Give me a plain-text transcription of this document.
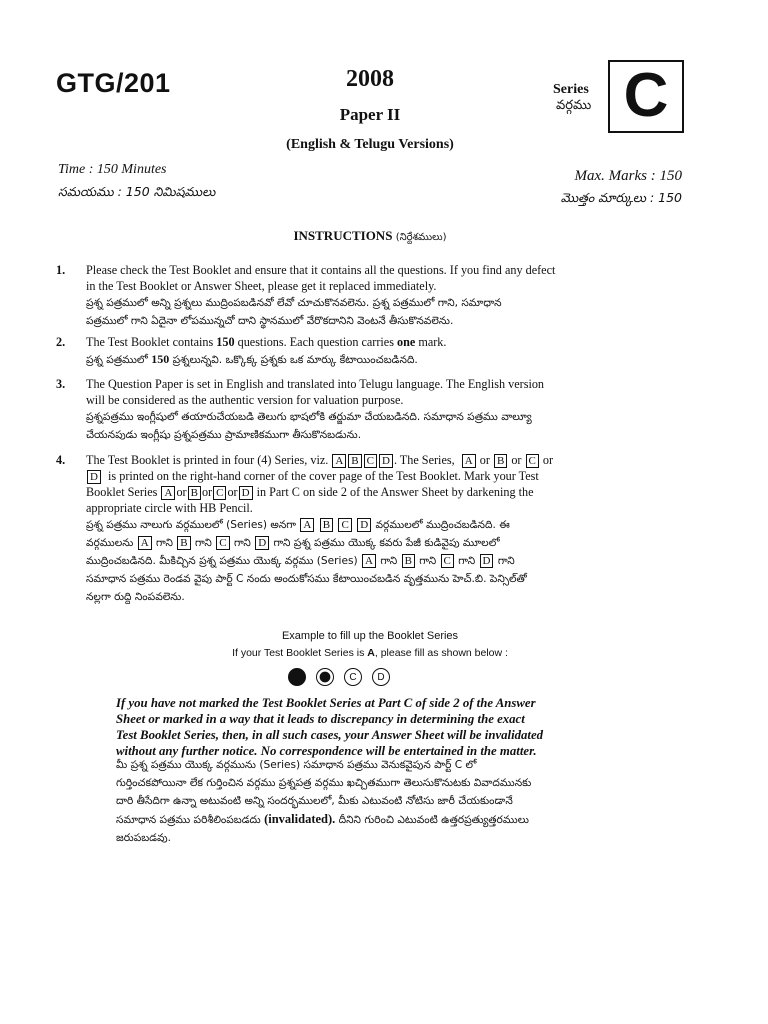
GTG/201	2008
Paper II
(English & Telugu Versions)
Series
వర్గము C
Time : 150 Minutes
సమయము : 150 నిమిషములు
Max. Marks : 150
మొత్తం మార్కులు : 150
INSTRUCTIONS (నిర్దేశములు)
1. Please check the Test Booklet and ensure that it contains all the questions. If you find any defect
in the Test Booklet or Answer Sheet, please get it replaced immediately.
ప్రశ్న పత్రములో అన్ని ప్రశ్నలు ముద్రింపబడినవో లేవో చూచుకొనవలెను. ప్రశ్న పత్రములో గాని, సమాధాన
పత్రములో గాని ఏదైనా లోపమున్నచో దాని స్థానములో వేరొకదానిని వెంటనే తీసుకొనవలెను.
2. The Test Booklet contains 150 questions. Each question carries one mark.
ప్రశ్న పత్రములో 150 ప్రశ్నలున్నవి. ఒక్కొక్క ప్రశ్నకు ఒక మార్కు కేటాయించబడినది.
3. The Question Paper is set in English and translated into Telugu language. The English version
will be considered as the authentic version for valuation purpose.
ప్రశ్నపత్రము ఇంగ్లీషులో తయారుచేయబడి తెలుగు భాషలోకి తర్జుమా చేయబడినది. సమాధాన పత్రము వాల్యూ
చేయనపుడు ఇంగ్లీషు ప్రశ్నపత్రము ప్రామాణికముగా తీసుకొనబడును.
4. The Test Booklet is printed in four (4) Series, viz. A B C D . The Series, A or B or C or
D is printed on the right-hand corner of the cover page of the Test Booklet. Mark your Test
Booklet Series A or B or C or D in Part C on side 2 of the Answer Sheet by darkening the
appropriate circle with HB Pencil.
ప్రశ్న పత్రము నాలుగు వర్గములలో (Series) అనగా A B C D వర్గములలో ముద్రించబడినది. ఈ
వర్గములను A గాని B గాని C గాని D గాని ప్రశ్న పత్రము యొక్క కవరు పేజీ కుడివైపు మూలలో
ముద్రించబడినది. మీకిచ్చిన ప్రశ్న పత్రము యొక్క వర్గము (Series) A గాని B గాని C గాని D గాని
సమాధాన పత్రము రెండవ వైపు పార్ట్ C నందు అందుకోసము కేటాయించబడిన వృత్తమును హెచ్.బి. పెన్సిల్‌తో
నల్లగా రుద్ది నింపవలెను.
Example to fill up the Booklet Series
If your Test Booklet Series is A, please fill as shown below :
B	C	D
If you have not marked the Test Booklet Series at Part C of side 2 of the Answer
Sheet or marked in a way that it leads to discrepancy in determining the exact
Test Booklet Series, then, in all such cases, your Answer Sheet will be invalidated
without any further notice. No correspondence will be entertained in the matter.
మీ ప్రశ్న పత్రము యొక్క వర్గమును (Series) సమాధాన పత్రము వెనుకవైపున పార్ట్ C లో
గుర్తించకపోయినా లేక గుర్తించిన వర్గము ప్రశ్నపత్ర వర్గము ఖచ్చితముగా తెలుసుకొనుటకు వివాదమునకు
దారి తీసేదిగా ఉన్నా అటువంటి అన్ని సందర్భములలో, మీకు ఎటువంటి నోటిసు జారీ చేయకుండానే
సమాధాన పత్రము పరిశీలింపబడదు (invalidated). దీనిని గురించి ఎటువంటి ఉత్తరప్రత్యుత్తరములు
జరుపబడవు.
